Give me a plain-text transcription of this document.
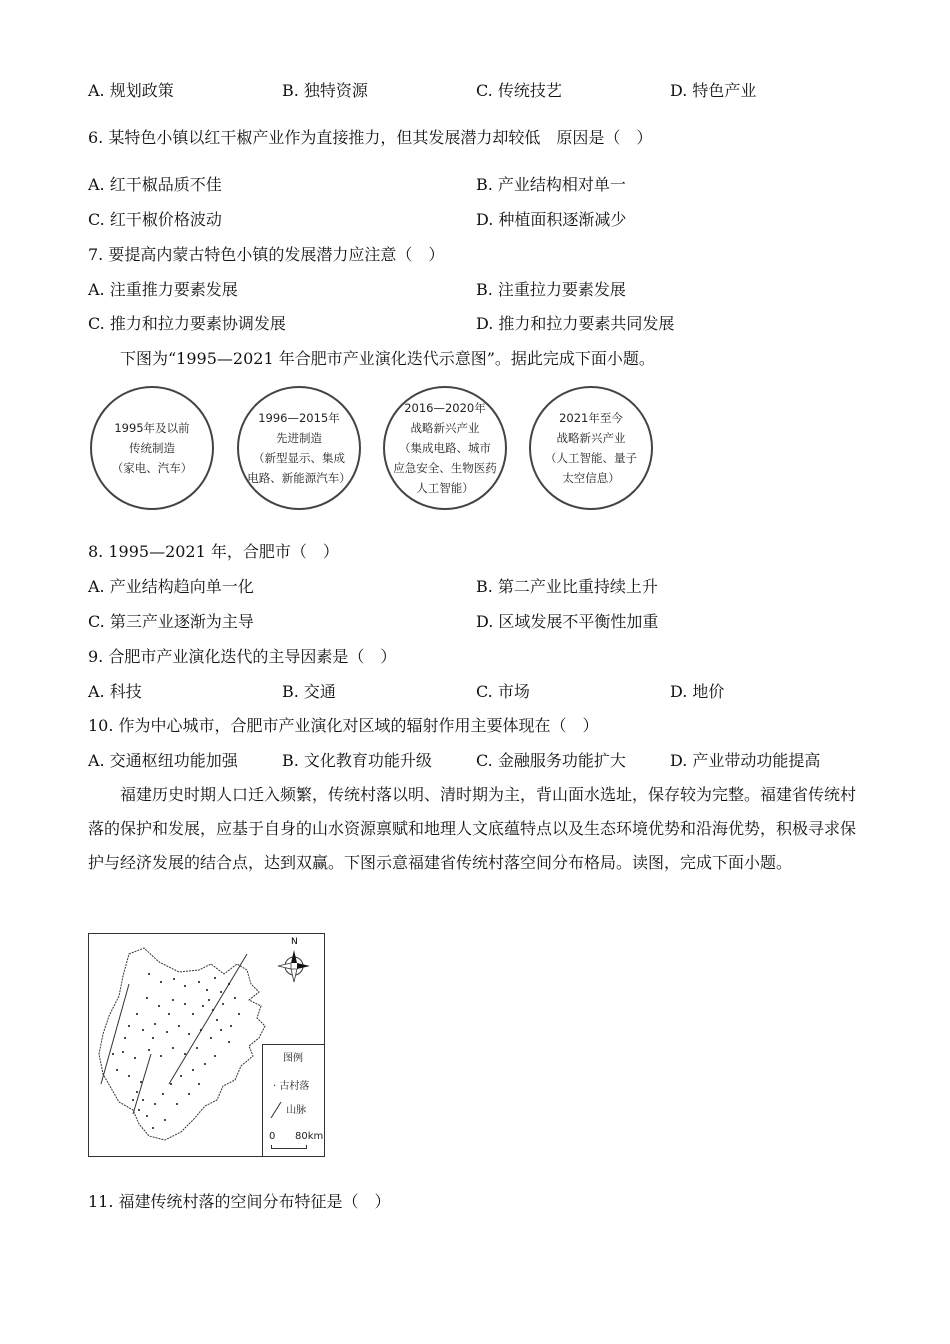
A. 规划政策	B. 独特资源	C. 传统技艺	D. 特色产业
6. 某特色小镇以红干椒产业作为直接推力，但其发展潜力却较低　原因是（　）
A. 红干椒品质不佳	B. 产业结构相对单一
C. 红干椒价格波动	D. 种植面积逐渐减少
7. 要提高内蒙古特色小镇的发展潜力应注意（　）
A. 注重推力要素发展	B. 注重拉力要素发展
C. 推力和拉力要素协调发展	D. 推力和拉力要素共同发展
下图为“1995—2021 年合肥市产业演化迭代示意图”。据此完成下面小题。
1995年及以前
传统制造
（家电、汽车）
1996—2015年
先进制造
（新型显示、集成
电路、新能源汽车）
2016—2020年
战略新兴产业
（集成电路、城市
应急安全、生物医药
人工智能）
2021年至今
战略新兴产业
（人工智能、量子
太空信息）
8. 1995—2021 年，合肥市（　）
A. 产业结构趋向单一化	B. 第二产业比重持续上升
C. 第三产业逐渐为主导	D. 区域发展不平衡性加重
9. 合肥市产业演化迭代的主导因素是（　）
A. 科技	B. 交通	C. 市场	D. 地价
10. 作为中心城市，合肥市产业演化对区域的辐射作用主要体现在（　）
A. 交通枢纽功能加强	B. 文化教育功能升级	C. 金融服务功能扩大	D. 产业带动功能提高

福建历史时期人口迁入频繁，传统村落以明、清时期为主，背山面水选址，保存较为完整。福建省传统村落的保护和发展，应基于自身的山水资源禀赋和地理人文底蕴特点以及生态环境优势和沿海优势，积极寻求保护与经济发展的结合点，达到双赢。下图示意福建省传统村落空间分布格局。读图，完成下面小题。

N
图例
· 古村落
山脉
0 80km
11. 福建传统村落的空间分布特征是（　）
